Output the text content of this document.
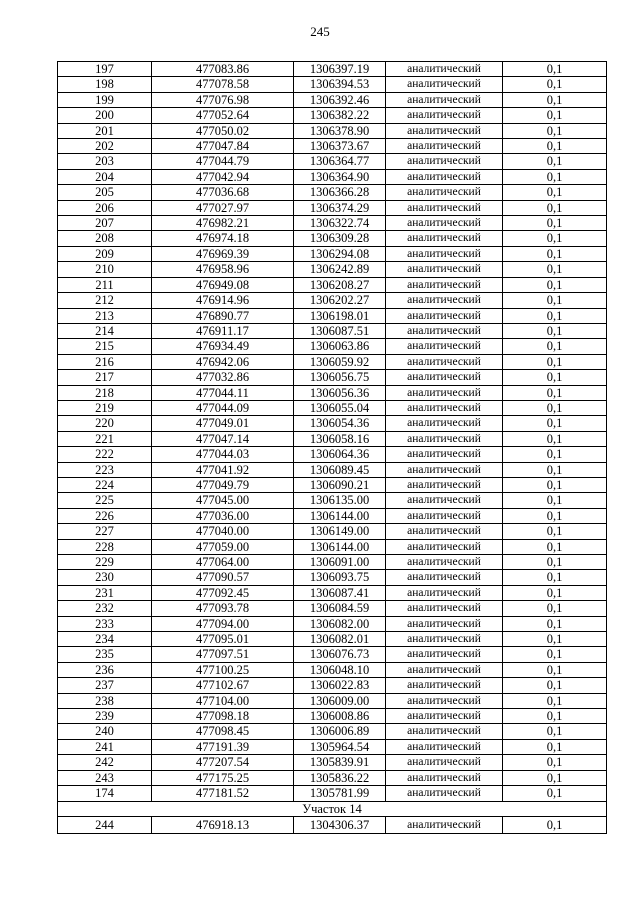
245
197	477083.86	1306397.19	аналитический	0,1
198	477078.58	1306394.53	аналитический	0,1
199	477076.98	1306392.46	аналитический	0,1
200	477052.64	1306382.22	аналитический	0,1
201	477050.02	1306378.90	аналитический	0,1
202	477047.84	1306373.67	аналитический	0,1
203	477044.79	1306364.77	аналитический	0,1
204	477042.94	1306364.90	аналитический	0,1
205	477036.68	1306366.28	аналитический	0,1
206	477027.97	1306374.29	аналитический	0,1
207	476982.21	1306322.74	аналитический	0,1
208	476974.18	1306309.28	аналитический	0,1
209	476969.39	1306294.08	аналитический	0,1
210	476958.96	1306242.89	аналитический	0,1
211	476949.08	1306208.27	аналитический	0,1
212	476914.96	1306202.27	аналитический	0,1
213	476890.77	1306198.01	аналитический	0,1
214	476911.17	1306087.51	аналитический	0,1
215	476934.49	1306063.86	аналитический	0,1
216	476942.06	1306059.92	аналитический	0,1
217	477032.86	1306056.75	аналитический	0,1
218	477044.11	1306056.36	аналитический	0,1
219	477044.09	1306055.04	аналитический	0,1
220	477049.01	1306054.36	аналитический	0,1
221	477047.14	1306058.16	аналитический	0,1
222	477044.03	1306064.36	аналитический	0,1
223	477041.92	1306089.45	аналитический	0,1
224	477049.79	1306090.21	аналитический	0,1
225	477045.00	1306135.00	аналитический	0,1
226	477036.00	1306144.00	аналитический	0,1
227	477040.00	1306149.00	аналитический	0,1
228	477059.00	1306144.00	аналитический	0,1
229	477064.00	1306091.00	аналитический	0,1
230	477090.57	1306093.75	аналитический	0,1
231	477092.45	1306087.41	аналитический	0,1
232	477093.78	1306084.59	аналитический	0,1
233	477094.00	1306082.00	аналитический	0,1
234	477095.01	1306082.01	аналитический	0,1
235	477097.51	1306076.73	аналитический	0,1
236	477100.25	1306048.10	аналитический	0,1
237	477102.67	1306022.83	аналитический	0,1
238	477104.00	1306009.00	аналитический	0,1
239	477098.18	1306008.86	аналитический	0,1
240	477098.45	1306006.89	аналитический	0,1
241	477191.39	1305964.54	аналитический	0,1
242	477207.54	1305839.91	аналитический	0,1
243	477175.25	1305836.22	аналитический	0,1
174	477181.52	1305781.99	аналитический	0,1
Участок 14				
244	476918.13	1304306.37	аналитический	0,1
